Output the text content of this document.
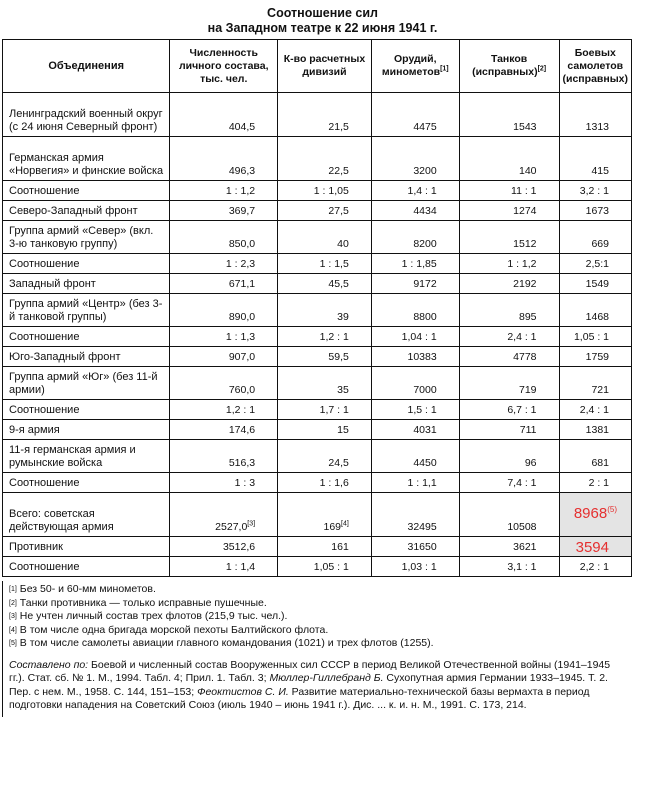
Соотношение сил
на Западном театре к 22 июня 1941 г.
Объединения	Численность личного состава, тыс. чел.	К-во расчетных дивизий	Орудий, минометов[1]	Танков (исправных)[2]	Боевых самолетов (исправных)
Ленинградский военный округ (с 24 июня Северный фронт)	404,5	21,5	4475	1543	1313
Германская армия «Норвегия» и финские войска	496,3	22,5	3200	140	415
Соотношение	1 : 1,2	1 : 1,05	1,4 : 1	11 : 1	3,2 : 1
Северо-Западный фронт	369,7	27,5	4434	1274	1673
Группа армий «Север» (вкл. 3-ю танковую группу)	850,0	40	8200	1512	669
Соотношение	1 : 2,3	1 : 1,5	1 : 1,85	1 : 1,2	2,5:1
Западный фронт	671,1	45,5	9172	2192	1549
Группа армий «Центр» (без 3-й танковой группы)	890,0	39	8800	895	1468
Соотношение	1 : 1,3	1,2 : 1	1,04 : 1	2,4 : 1	1,05 : 1
Юго-Западный фронт	907,0	59,5	10383	4778	1759
Группа армий «Юг» (без 11-й армии)	760,0	35	7000	719	721
Соотношение	1,2 : 1	1,7 : 1	1,5 : 1	6,7 : 1	2,4 : 1
9-я армия	174,6	15	4031	711	1381
11-я германская армия и румынские войска	516,3	24,5	4450	96	681
Соотношение	1 : 3	1 : 1,6	1 : 1,1	7,4 : 1	2 : 1
Всего: советская действующая армия	2527,0[3]	169[4]	32495	10508	8968$^{(5)}$
Противник	3512,6	161	31650	3621	3594
Соотношение	1 : 1,4	1,05 : 1	1,03 : 1	3,1 : 1	2,2 : 1

[1] Без 50- и 60-мм минометов.

[2] Танки противника — только исправные пушечные.

[3] Не учтен личный состав трех флотов (215,9 тыс. чел.).

[4] В том числе одна бригада морской пехоты Балтийского флота.

[5] В том числе самолеты авиации главного командования (1021) и трех флотов (1255).

Составлено по: Боевой и численный состав Вооруженных сил СССР в период Великой Отечественной войны (1941–1945 гг.). Стат. сб. № 1. М., 1994. Табл. 4; Прил. 1. Табл. 3; Мюллер-Гиллебранд Б. Сухопутная армия Германии 1933–1945. Т. 2. Пер. с нем. М., 1958. С. 144, 151–153; Феоктистов С. И. Развитие материально-технической базы вермахта в период подготовки нападения на Советский Союз (июль 1940 – июнь 1941 г.). Дис. ... к. и. н. М., 1991. С. 173, 214.
